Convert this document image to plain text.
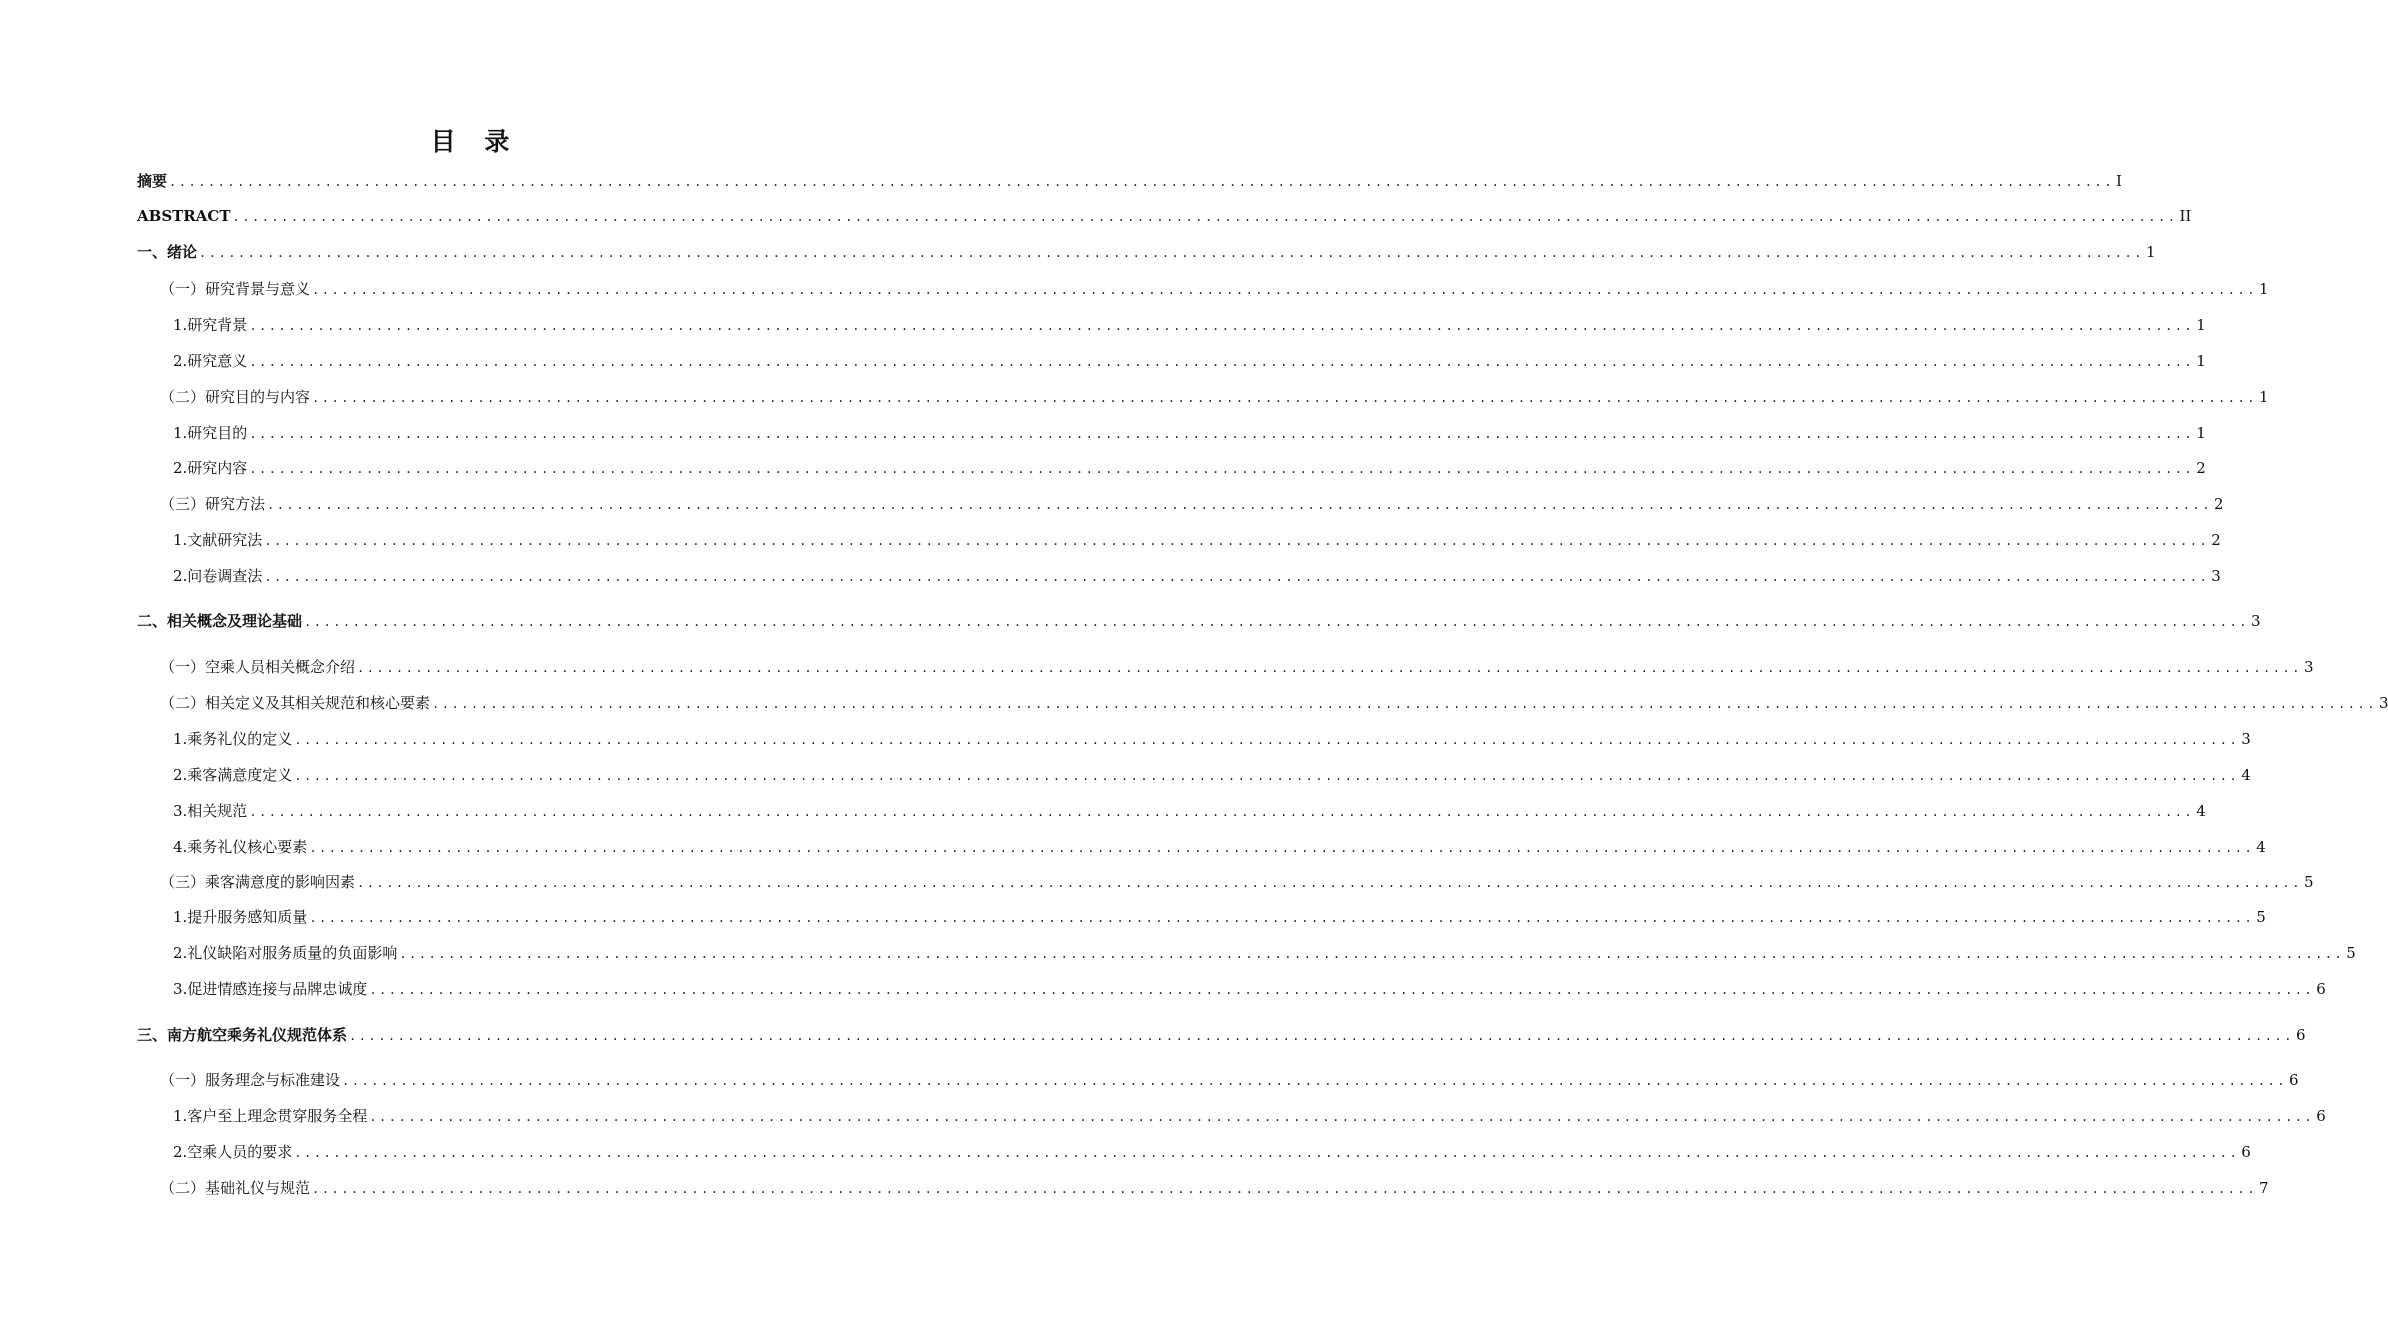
目 录
摘要 ........................................................................................................................................................................................................ I
ABSTRACT ........................................................................................................................................................................................................ II
一、绪论 ........................................................................................................................................................................................................ 1
（一）研究背景与意义 ........................................................................................................................................................................................................ 1
1.研究背景 ........................................................................................................................................................................................................ 1
2.研究意义 ........................................................................................................................................................................................................ 1
（二）研究目的与内容 ........................................................................................................................................................................................................ 1
1.研究目的 ........................................................................................................................................................................................................ 1
2.研究内容 ........................................................................................................................................................................................................ 2
（三）研究方法 ........................................................................................................................................................................................................ 2
1.文献研究法 ........................................................................................................................................................................................................ 2
2.问卷调查法 ........................................................................................................................................................................................................ 3
二、相关概念及理论基础 ........................................................................................................................................................................................................ 3
（一）空乘人员相关概念介绍 ........................................................................................................................................................................................................ 3
（二）相关定义及其相关规范和核心要素 ........................................................................................................................................................................................................ 3
1.乘务礼仪的定义 ........................................................................................................................................................................................................ 3
2.乘客满意度定义 ........................................................................................................................................................................................................ 4
3.相关规范 ........................................................................................................................................................................................................ 4
4.乘务礼仪核心要素 ........................................................................................................................................................................................................ 4
（三）乘客满意度的影响因素 ........................................................................................................................................................................................................ 5
1.提升服务感知质量 ........................................................................................................................................................................................................ 5
2.礼仪缺陷对服务质量的负面影响 ........................................................................................................................................................................................................ 5
3.促进情感连接与品牌忠诚度 ........................................................................................................................................................................................................ 6
三、南方航空乘务礼仪规范体系 ........................................................................................................................................................................................................ 6
（一）服务理念与标准建设 ........................................................................................................................................................................................................ 6
1.客户至上理念贯穿服务全程 ........................................................................................................................................................................................................ 6
2.空乘人员的要求 ........................................................................................................................................................................................................ 6
（二）基础礼仪与规范 ........................................................................................................................................................................................................ 7
